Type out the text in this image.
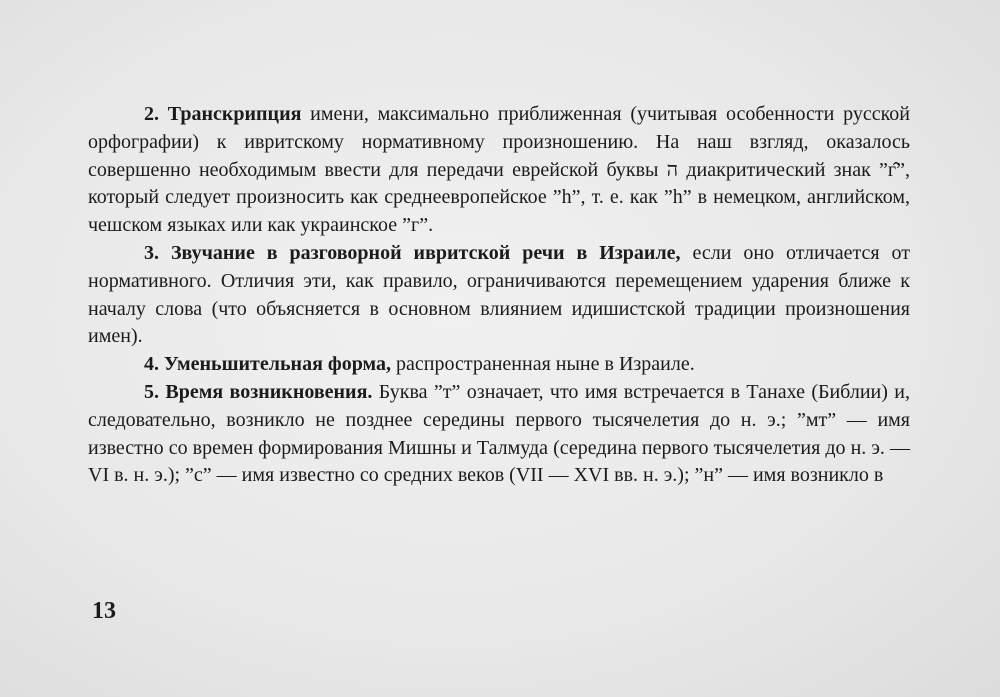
2. Транскрипция имени, максимально приближенная (учитывая особенности русской орфографии) к ивритскому нормативному произношению. На наш взгляд, оказалось совершенно необходимым ввести для передачи еврейской буквы ה диакритический знак ”г̂”, который следует произносить как среднеевропейское ”h”, т. е. как ”h” в немецком, английском, чешском языках или как украинское ”г”.

3. Звучание в разговорной ивритской речи в Израиле, если оно отличается от нормативного. Отличия эти, как правило, ограничиваются перемещением ударения ближе к началу слова (что объясняется в основном влиянием идишистской традиции произношения имен).

4. Уменьшительная форма, распространенная ныне в Израиле.

5. Время возникновения. Буква ”т” означает, что имя встречается в Танахе (Библии) и, следовательно, возникло не позднее середины первого тысячелетия до н. э.; ”мт” — имя известно со времен формирования Мишны и Талмуда (середина первого тысячелетия до н. э. — VI в. н. э.); ”с” — имя известно со средних веков (VII — XVI вв. н. э.); ”н” — имя возникло в

13
